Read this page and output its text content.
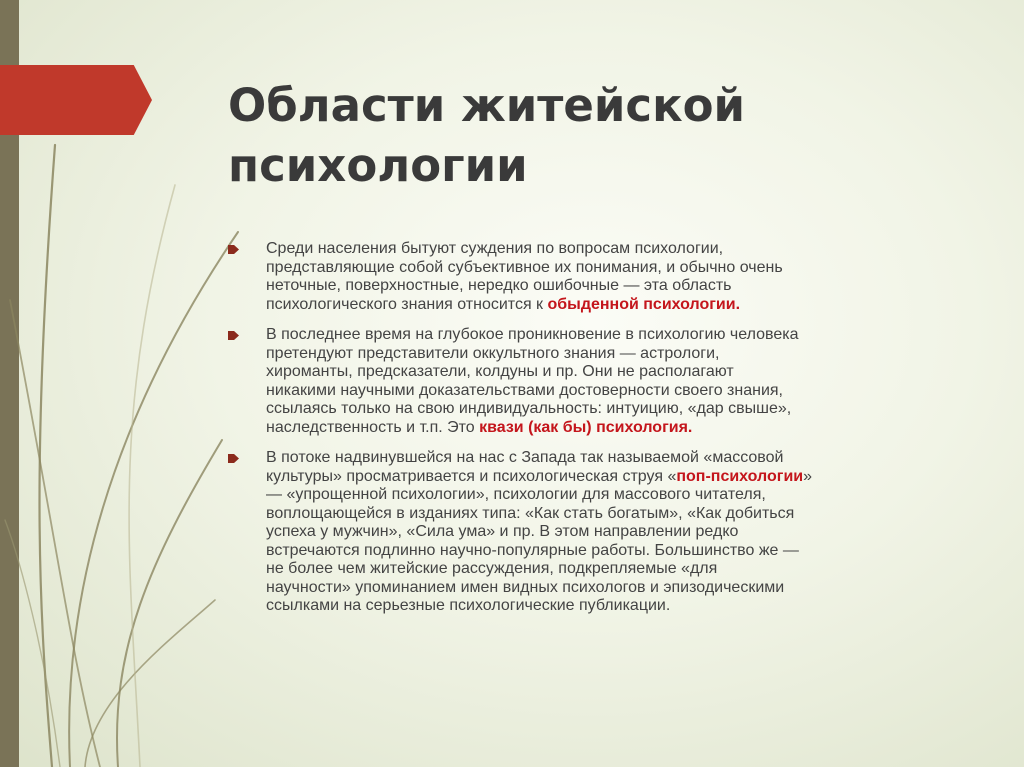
Области житейской
психологии
Среди населения бытуют суждения по вопросам психологии,
представляющие собой субъективное их понимания, и обычно очень
неточные, поверхностные, нередко ошибочные — эта область
психологического знания относится к обыденной психологии.
В последнее время на глубокое проникновение в психологию человека
претендуют представители оккультного знания — астрологи,
хироманты, предсказатели, колдуны и пр. Они не располагают
никакими научными доказательствами достоверности своего знания,
ссылаясь только на свою индивидуальность: интуицию, «дар свыше»,
наследственность и т.п. Это квази (как бы) психология.
В потоке надвинувшейся на нас с Запада так называемой «массовой
культуры» просматривается и психологическая струя «поп-психологии»
— «упрощенной психологии», психологии для массового читателя,
воплощающейся в изданиях типа: «Как стать богатым», «Как добиться
успеха у мужчин», «Сила ума» и пр. В этом направлении редко
встречаются подлинно научно-популярные работы. Большинство же —
не более чем житейские рассуждения, подкрепляемые «для
научности» упоминанием имен видных психологов и эпизодическими
ссылками на серьезные психологические публикации.
